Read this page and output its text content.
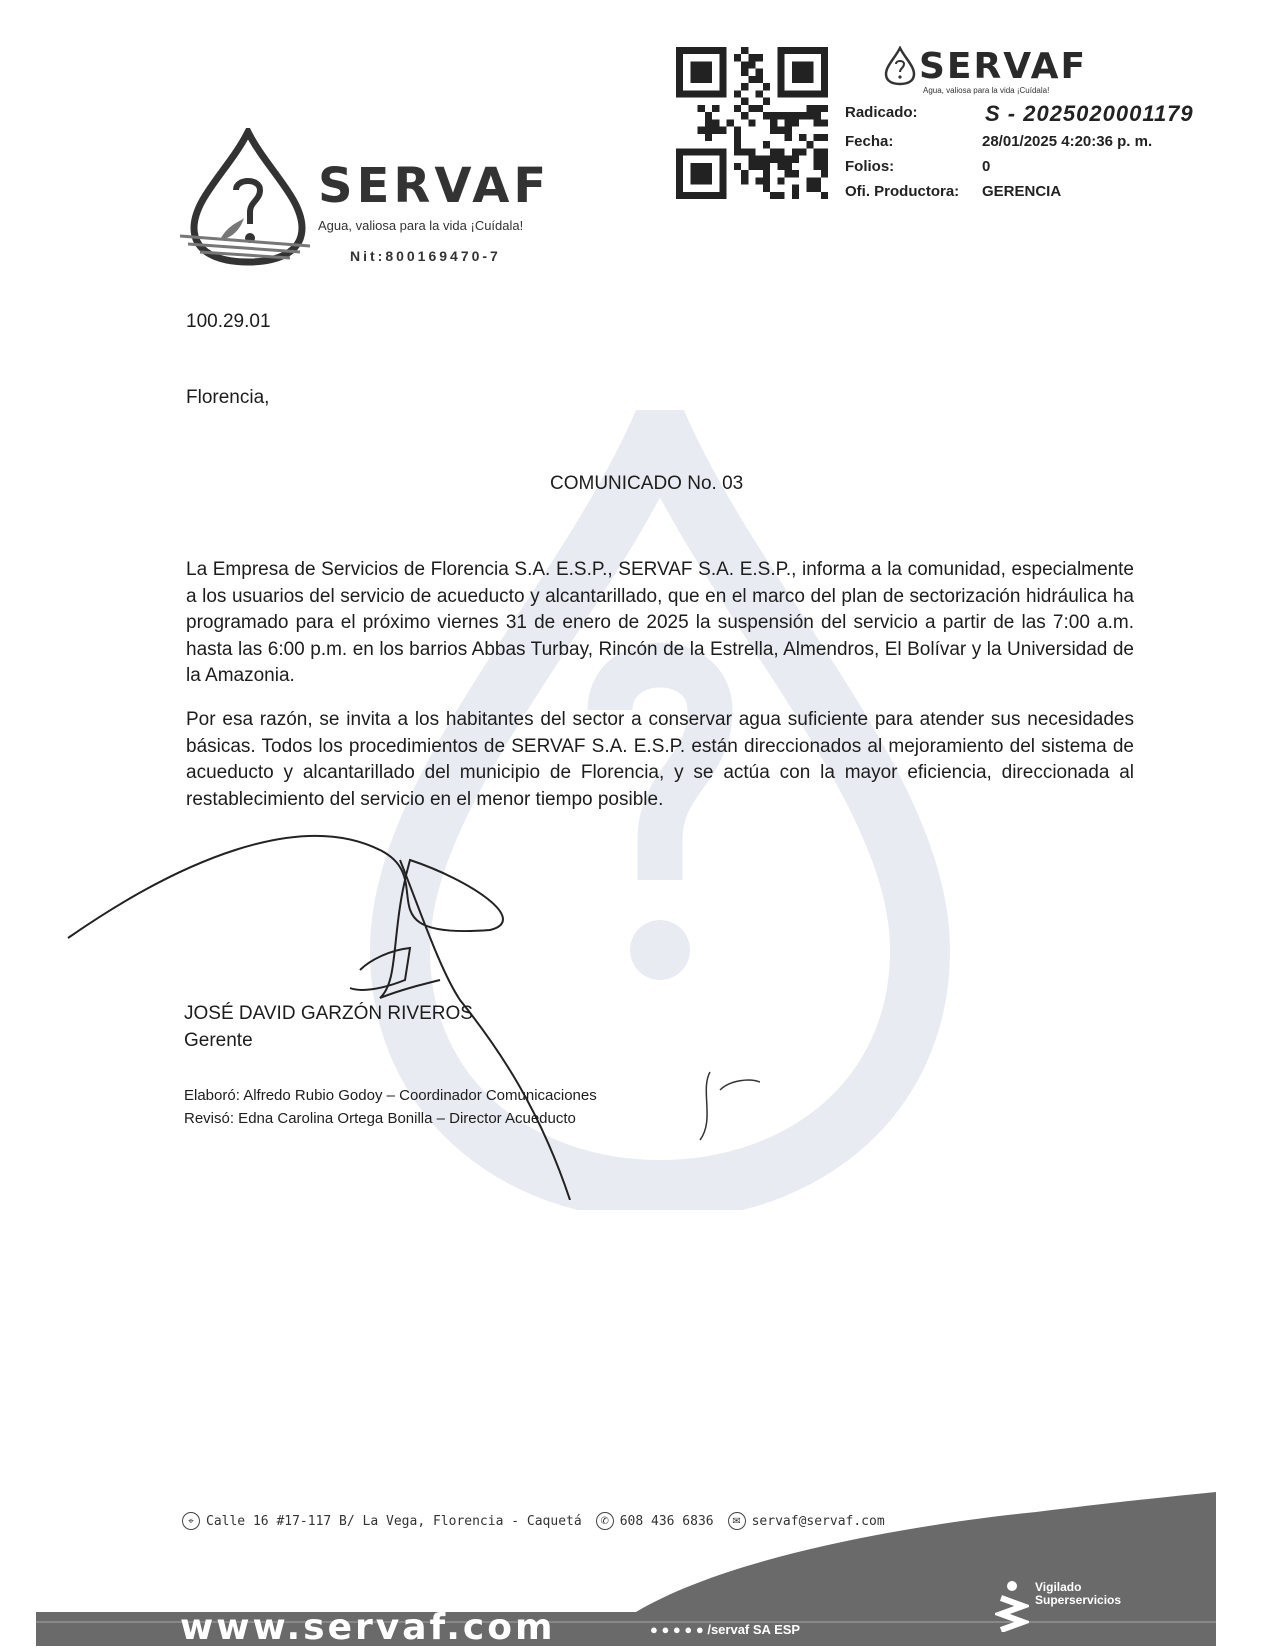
SERVAF
Agua, valiosa para la vida ¡Cuídala!
Nit:800169470-7
SERVAF
Agua, valiosa para la vida ¡Cuídala!
Radicado:	S - 2025020001179
Fecha:	28/01/2025 4:20:36 p. m.
Folios:	0
Ofi. Productora: GERENCIA
100.29.01
Florencia,
COMUNICADO No. 03
La Empresa de Servicios de Florencia S.A. E.S.P., SERVAF S.A. E.S.P., informa a la comunidad, especialmente a los usuarios del servicio de acueducto y alcantarillado, que en el marco del plan de sectorización hidráulica ha programado para el próximo viernes 31 de enero de 2025 la suspensión del servicio a partir de las 7:00 a.m. hasta las 6:00 p.m. en los barrios Abbas Turbay, Rincón de la Estrella, Almendros, El Bolívar y la Universidad de la Amazonia.
Por esa razón, se invita a los habitantes del sector a conservar agua suficiente para atender sus necesidades básicas. Todos los procedimientos de SERVAF S.A. E.S.P. están direccionados al mejoramiento del sistema de acueducto y alcantarillado del municipio de Florencia, y se actúa con la mayor eficiencia, direccionada al restablecimiento del servicio en el menor tiempo posible.
JOSÉ DAVID GARZÓN RIVEROS
Gerente
Elaboró: Alfredo Rubio Godoy – Coordinador Comunicaciones
Revisó: Edna Carolina Ortega Bonilla – Director Acueducto
⌖ Calle 16 #17-117 B/ La Vega, Florencia - Caquetá	✆ 608 436 6836	✉ servaf@servaf.com
www.servaf.com	● ● ● ● ● /servaf SA ESP
Vigilado
Superservicios
